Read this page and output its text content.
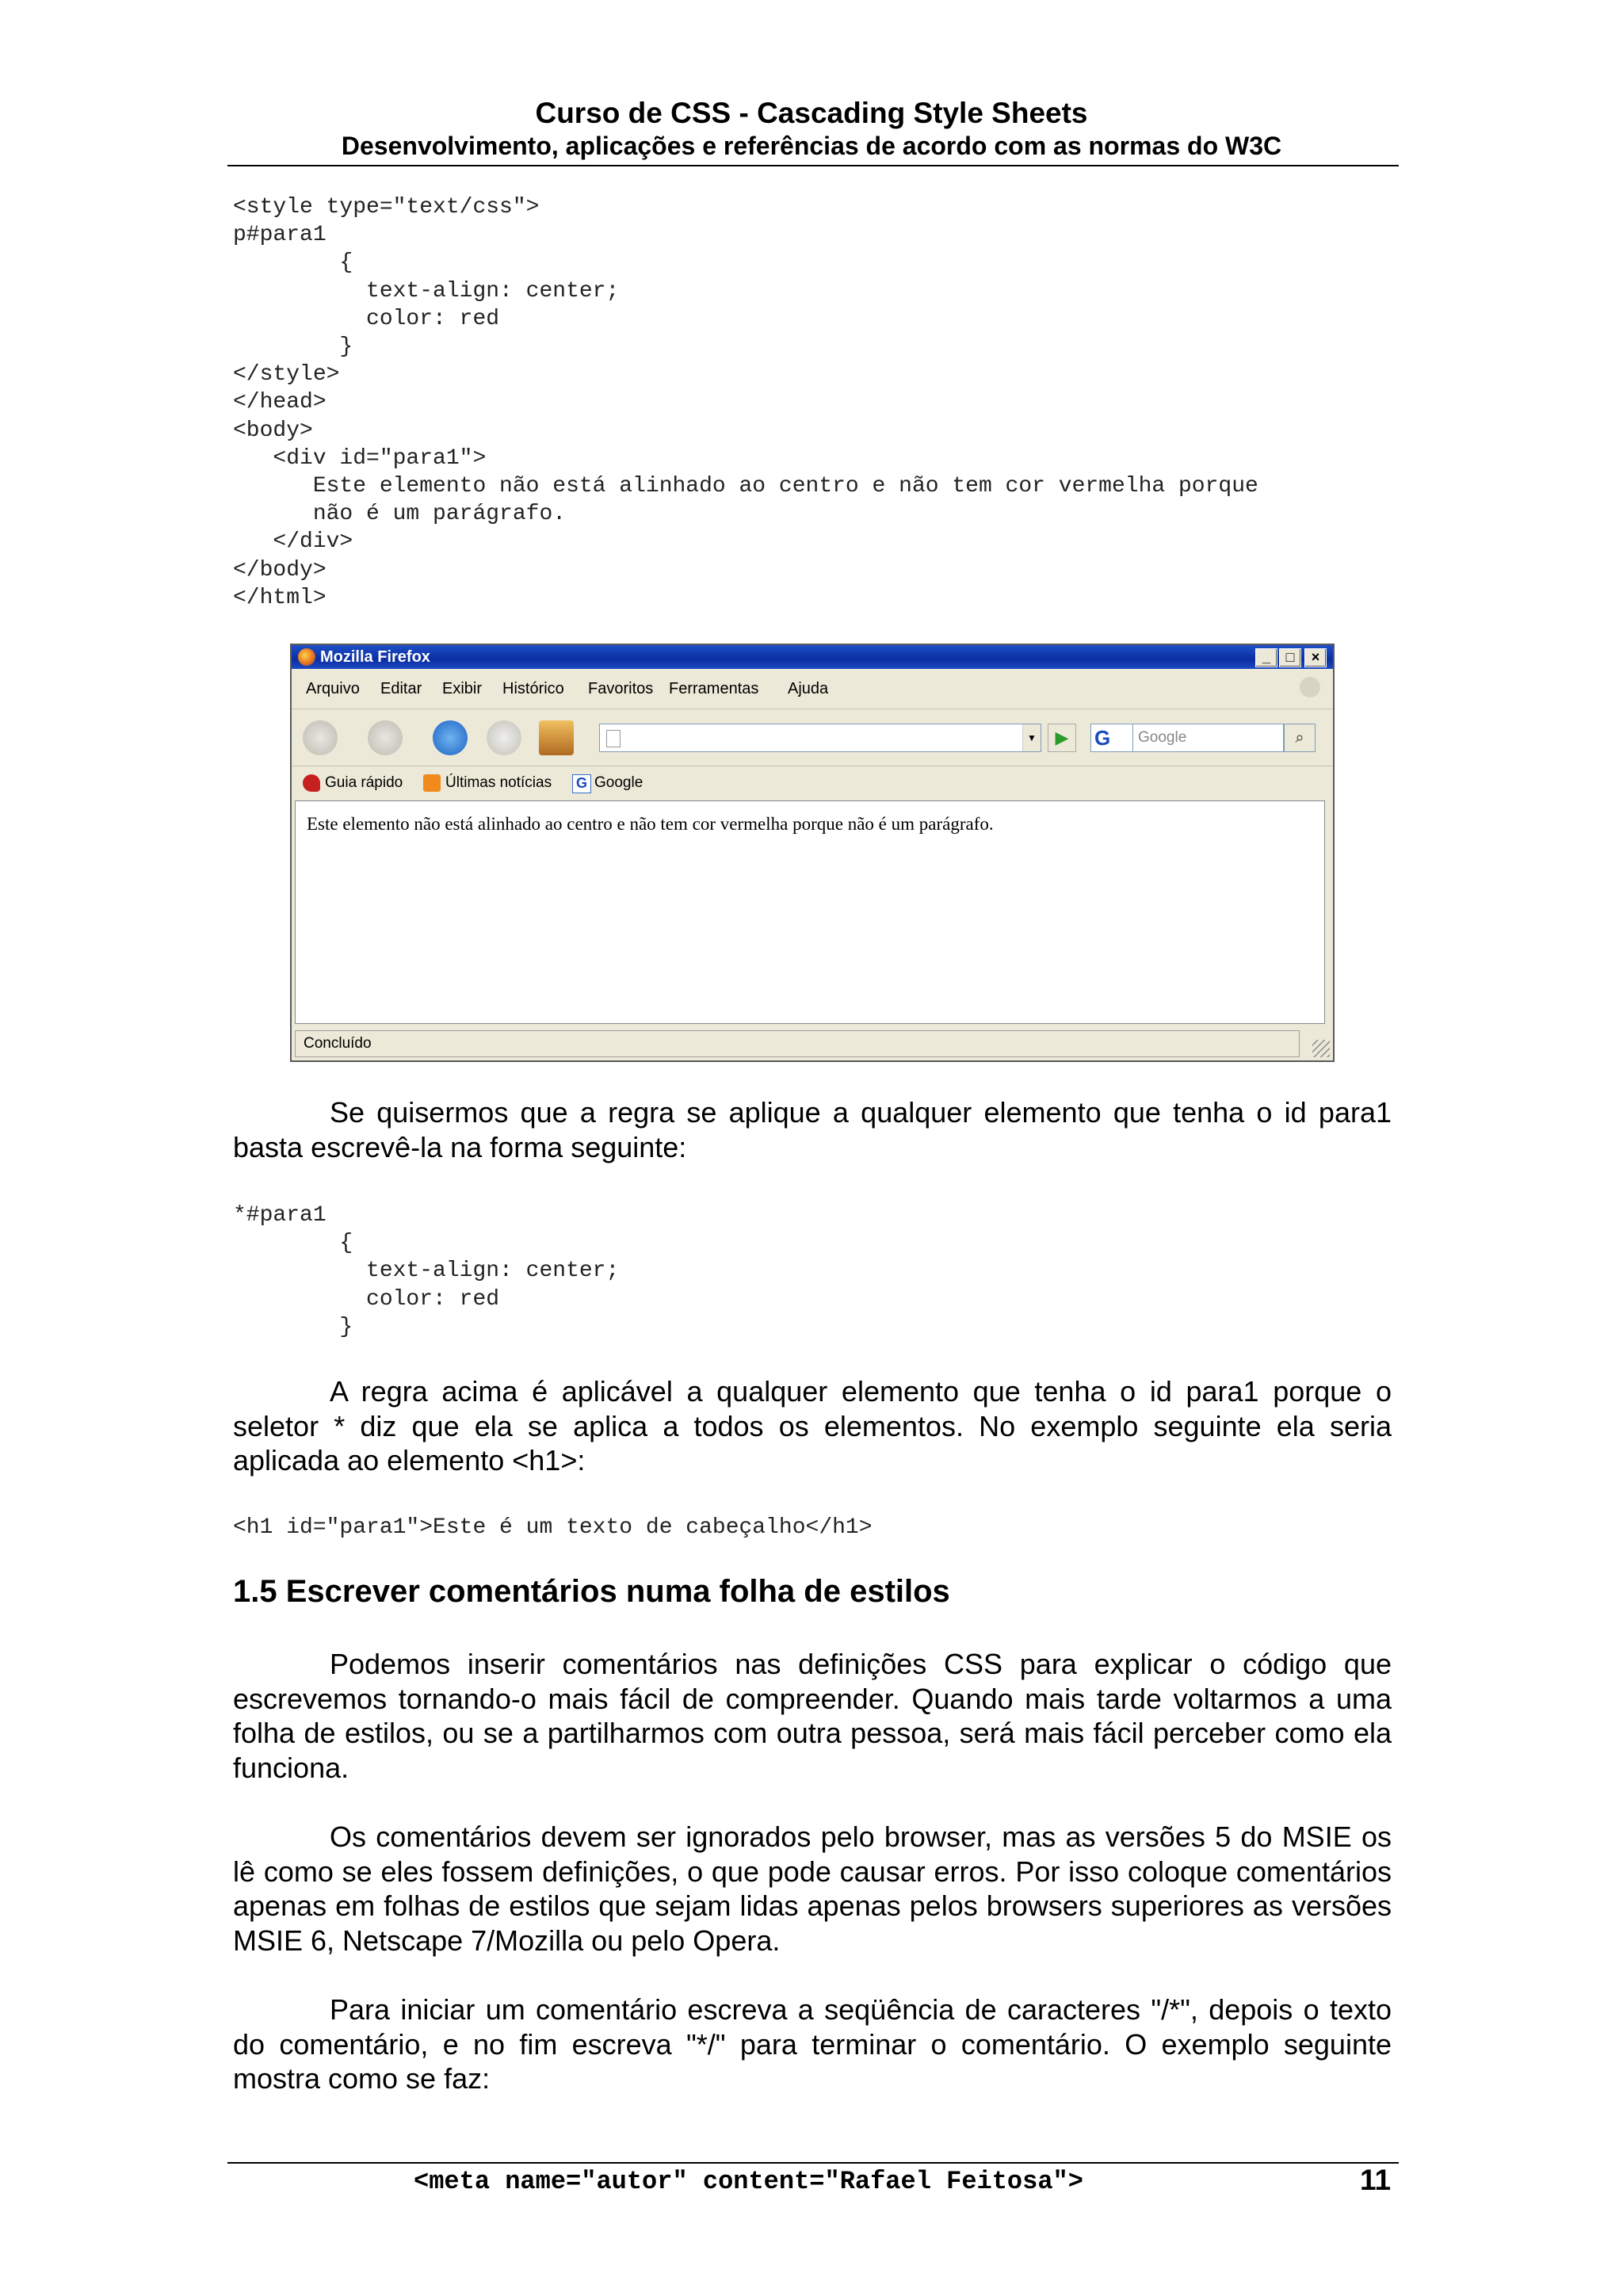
Curso de CSS - Cascading Style Sheets
Desenvolvimento, aplicações e referências de acordo com as normas do W3C
<style type="text/css">
p#para1
{
text-align: center;
color: red
}
</style>
</head>
<body>
<div id="para1">
Este elemento não está alinhado ao centro e não tem cor vermelha porque
não é um parágrafo.
</div>
</body>
</html>
Mozilla Firefox	_	□	×
Arquivo Editar Exibir Histórico Favoritos Ferramentas Ajuda
▼	▶	G	Google	⌕
Guia rápido	Últimas notícias G Google
Este elemento não está alinhado ao centro e não tem cor vermelha porque não é um parágrafo.
Concluído
Se quisermos que a regra se aplique a qualquer elemento que tenha o id para1 basta escrevê-la na forma seguinte:
*#para1
{
text-align: center;
color: red
}
A regra acima é aplicável a qualquer elemento que tenha o id para1 porque o seletor * diz que ela se aplica a todos os elementos. No exemplo seguinte ela seria aplicada ao elemento <h1>:
<h1 id="para1">Este é um texto de cabeçalho</h1>
1.5 Escrever comentários numa folha de estilos
Podemos inserir comentários nas definições CSS para explicar o código que escrevemos tornando-o mais fácil de compreender. Quando mais tarde voltarmos a uma folha de estilos, ou se a partilharmos com outra pessoa, será mais fácil perceber como ela funciona.
Os comentários devem ser ignorados pelo browser, mas as versões 5 do MSIE os lê como se eles fossem definições, o que pode causar erros. Por isso coloque comentários apenas em folhas de estilos que sejam lidas apenas pelos browsers superiores as versões MSIE 6, Netscape 7/Mozilla ou pelo Opera.
Para iniciar um comentário escreva a seqüência de caracteres "/*", depois o texto do comentário, e no fim escreva "*/" para terminar o comentário. O exemplo seguinte mostra como se faz:
<meta name="autor" content="Rafael Feitosa">	11
